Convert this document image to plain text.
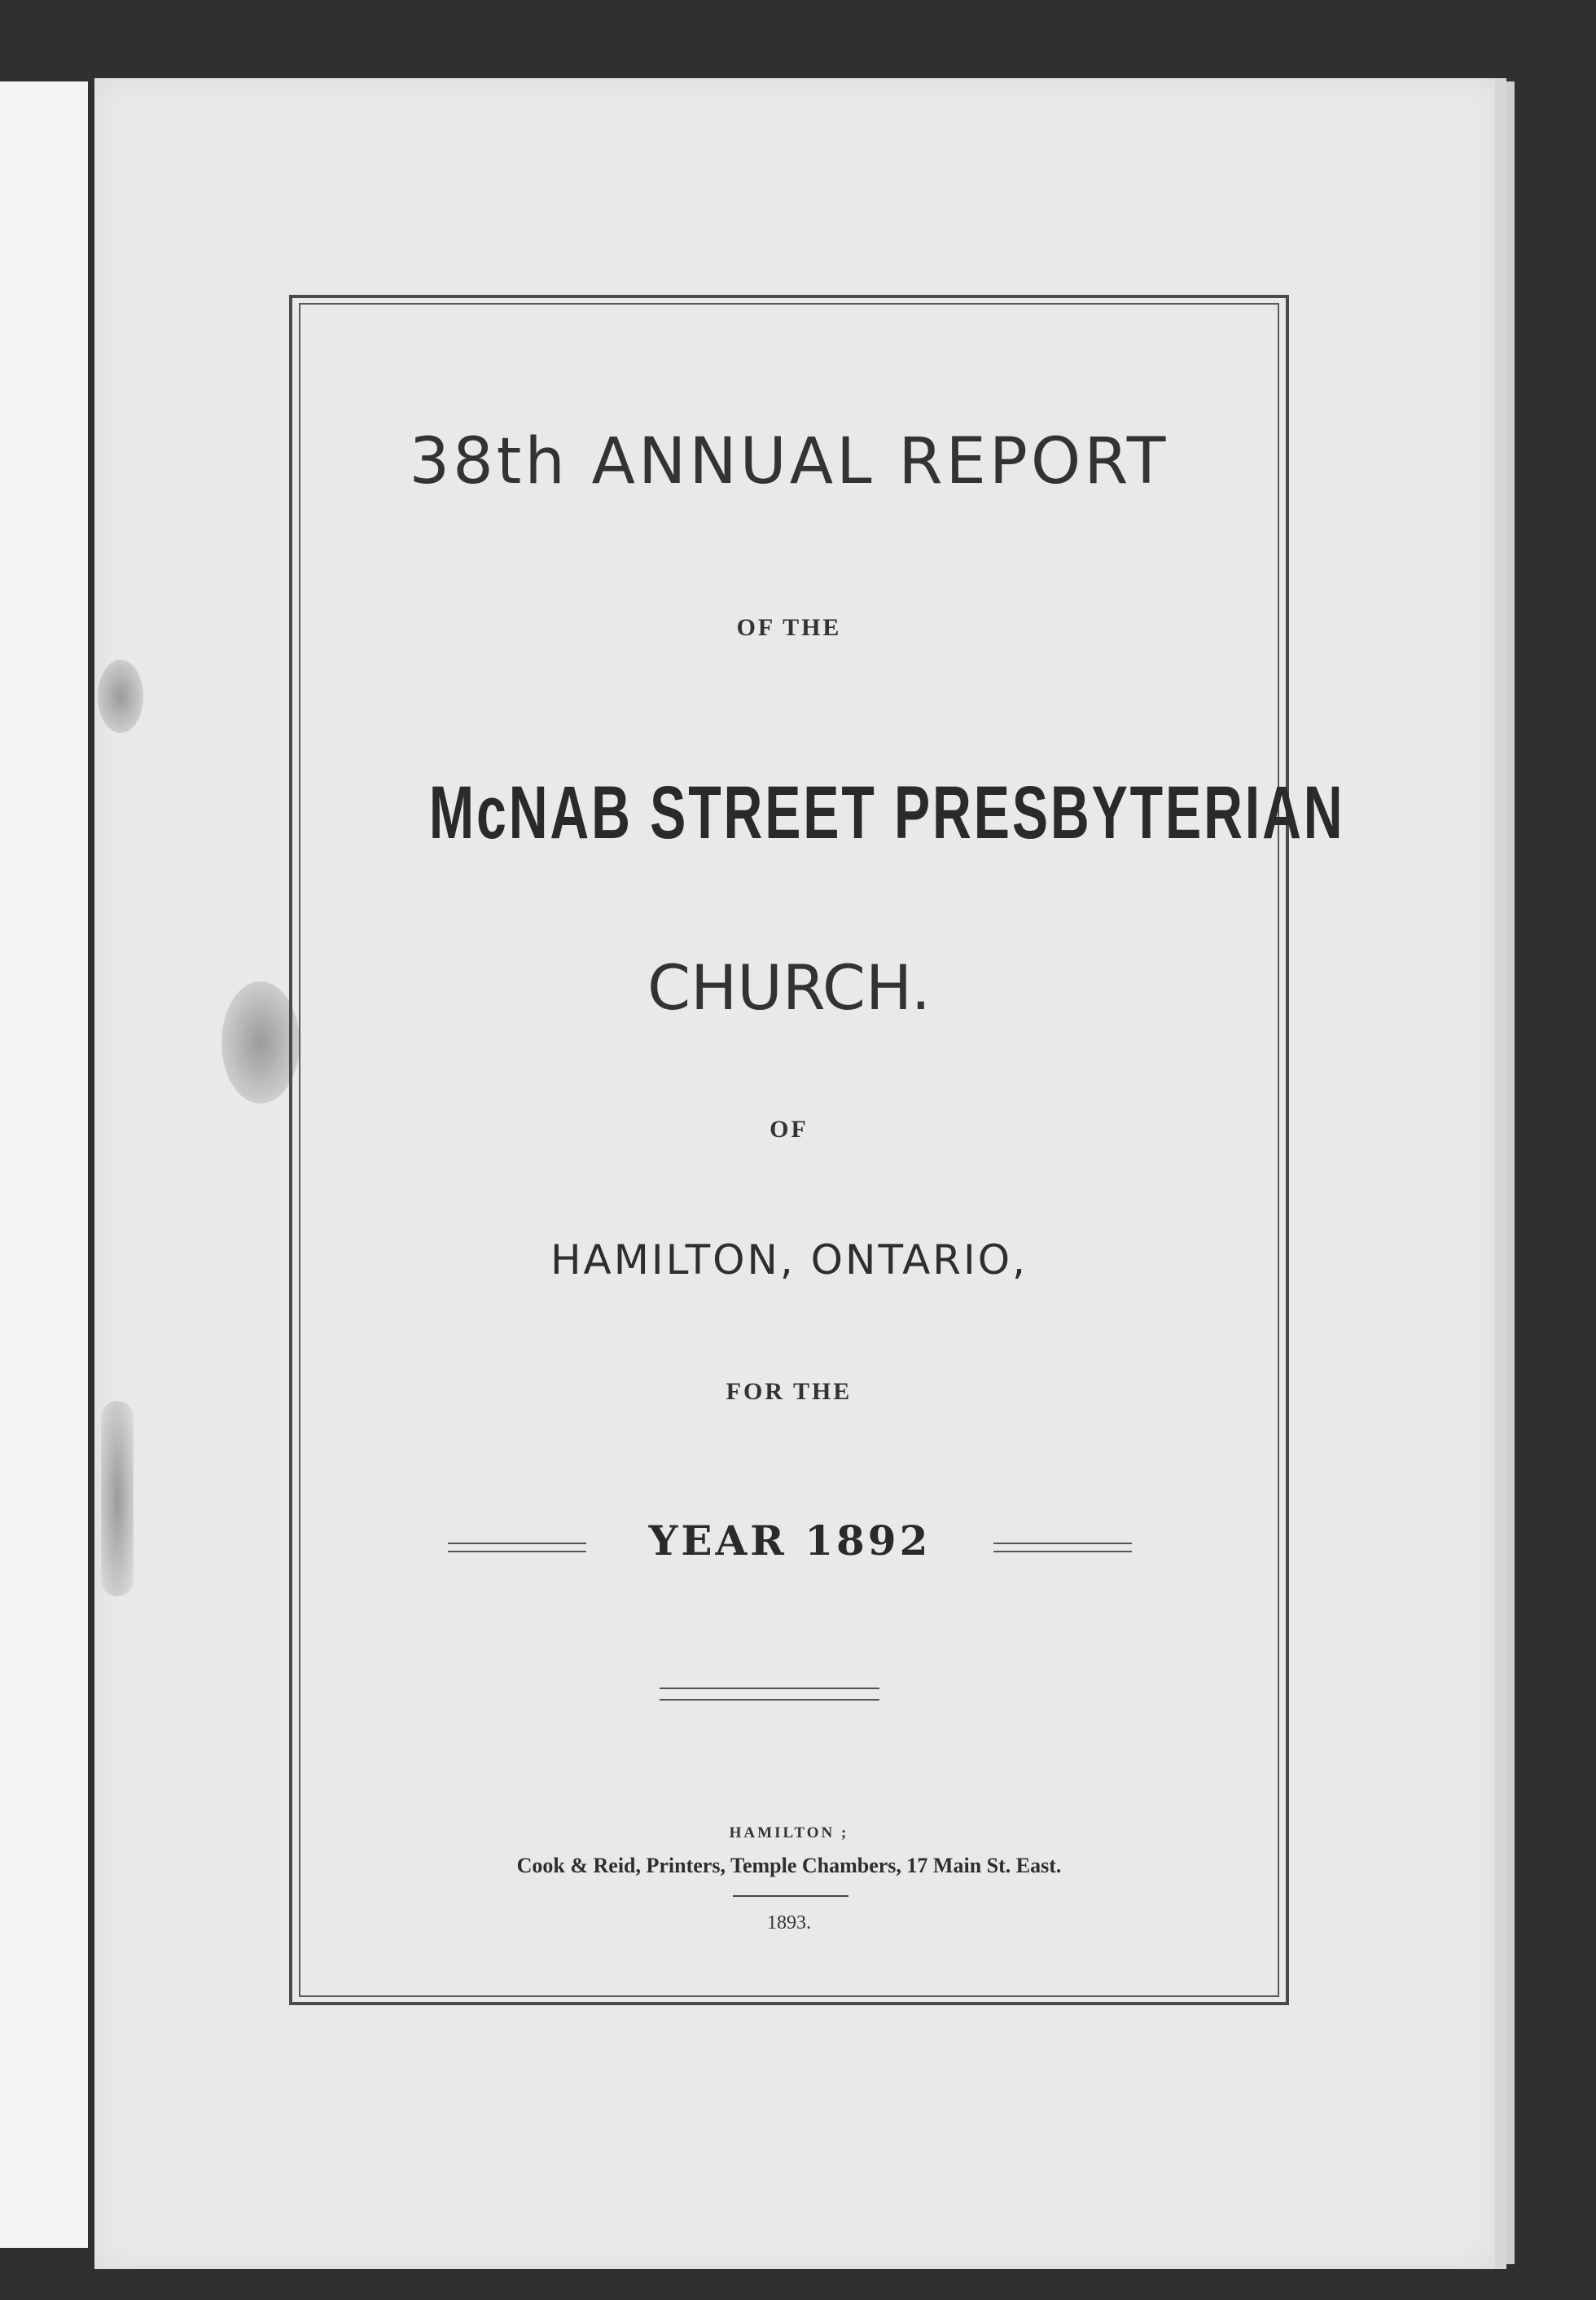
38th ANNUAL REPORT
OF THE
McNAB STREET PRESBYTERIAN
CHURCH.
OF
HAMILTON, ONTARIO,
FOR THE
YEAR 1892
HAMILTON ;
Cook & Reid, Printers, Temple Chambers, 17 Main St. East.
1893.
